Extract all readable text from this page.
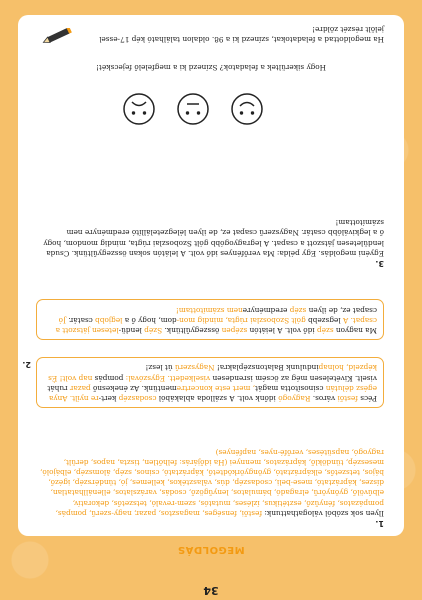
34
MEGOLDÁS
1.
Ilyen sok szóból válogathattunk: festői, fenséges, magasztos, pazar, nagy-szerű, pompás, pompázatos, fényűző, esztétikus, ízléses, mutatós, szem-revaló, tetszetős, dekoratív, elbűvölő, gyönyörű, elragadó, bámulatos, lenyűgöző, csodás, varázslatos, ellenállhatatlan, díszes, kápráztató, mese-beli, csodaszép, dús, választékos, kellemes, jó, tündérszép, igéző, bájos, tetszetős, elkápráztató, gyöngyörködtető, kápráztató, csinos, szép, álomszép, elbájoló, meseszép, tündöklő, káprázatos, mennyei (Ha időjárás: felhőtlen, tiszta, napos, derült, ragyogó, napsütéses, verőfé-nyes, napfényes)
Pécs festői város. Ragyogó időnk volt. A szálloda ablakából csodaszép kert-re nyílt. Anya egész délután csinosította magát, mert este koncertrementünk. Az énekesnő pazar ruhát viselt. Kivételesen még az öcsém isrendesen viselkedett. Egyszóval: pompás nap volt! És képzeld, holnapindulunk Balatonszéplakra! Nagyszerű út lesz!
2.
Ma nagyon szép idő volt. A leiátón szépen összegyűltünk. Szép lendü-letesen játszott a csapat. A legszebb gólt Szoboszlai rúgta, mindig mon-dom, hogy ő a legjobb csatár. Jó csapat ez, de ilyen szép eredményrenem számítottam!
3.
Egyéni megoldás. Egy példa: Ma verőfényes idő volt. A lelátón sokan összegyűltünk. Csuda lendületesen játszott a csapat. A legragyogóbb gólt Szoboszlai rúgta, mindig mondom, hogy ő a legkiválóbb csatár. Nagyszerű csapat ez, de ilyen lélegzetelállító eredményre nem számítottam!
Hogy sikerültek a feladatok? Színezd ki a megfelelő fejecskét!
Ha megoldottad a feladatokat, színezd ki a 98. oldalon található kép 17-essel jelölt részét zöldre!
